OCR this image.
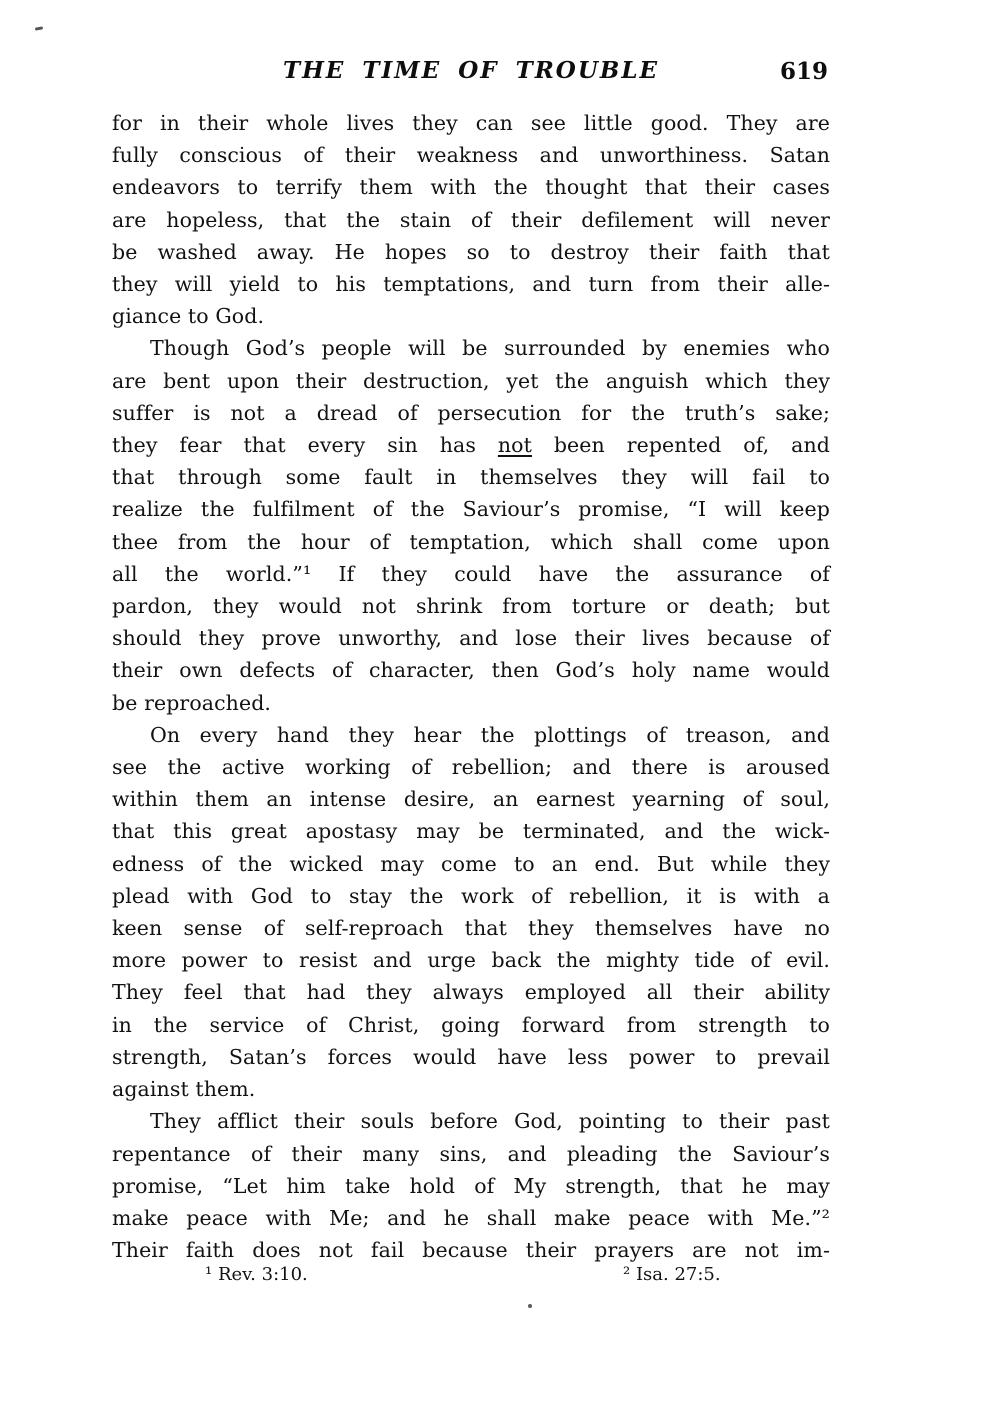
THE TIME OF TROUBLE	619
for in their whole lives they can see little good. They are
fully conscious of their weakness and unworthiness. Satan
endeavors to terrify them with the thought that their cases
are hopeless, that the stain of their defilement will never
be washed away. He hopes so to destroy their faith that
they will yield to his temptations, and turn from their alle-
giance to God.
Though God’s people will be surrounded by enemies who
are bent upon their destruction, yet the anguish which they
suffer is not a dread of persecution for the truth’s sake;
they fear that every sin has not been repented of, and
that through some fault in themselves they will fail to
realize the fulfilment of the Saviour’s promise, “I will keep
thee from the hour of temptation, which shall come upon
all the world.”¹ If they could have the assurance of
pardon, they would not shrink from torture or death; but
should they prove unworthy, and lose their lives because of
their own defects of character, then God’s holy name would
be reproached.
On every hand they hear the plottings of treason, and
see the active working of rebellion; and there is aroused
within them an intense desire, an earnest yearning of soul,
that this great apostasy may be terminated, and the wick-
edness of the wicked may come to an end. But while they
plead with God to stay the work of rebellion, it is with a
keen sense of self-reproach that they themselves have no
more power to resist and urge back the mighty tide of evil.
They feel that had they always employed all their ability
in the service of Christ, going forward from strength to
strength, Satan’s forces would have less power to prevail
against them.
They afflict their souls before God, pointing to their past
repentance of their many sins, and pleading the Saviour’s
promise, “Let him take hold of My strength, that he may
make peace with Me; and he shall make peace with Me.”²
Their faith does not fail because their prayers are not im-
¹ Rev. 3:10.	² Isa. 27:5.
